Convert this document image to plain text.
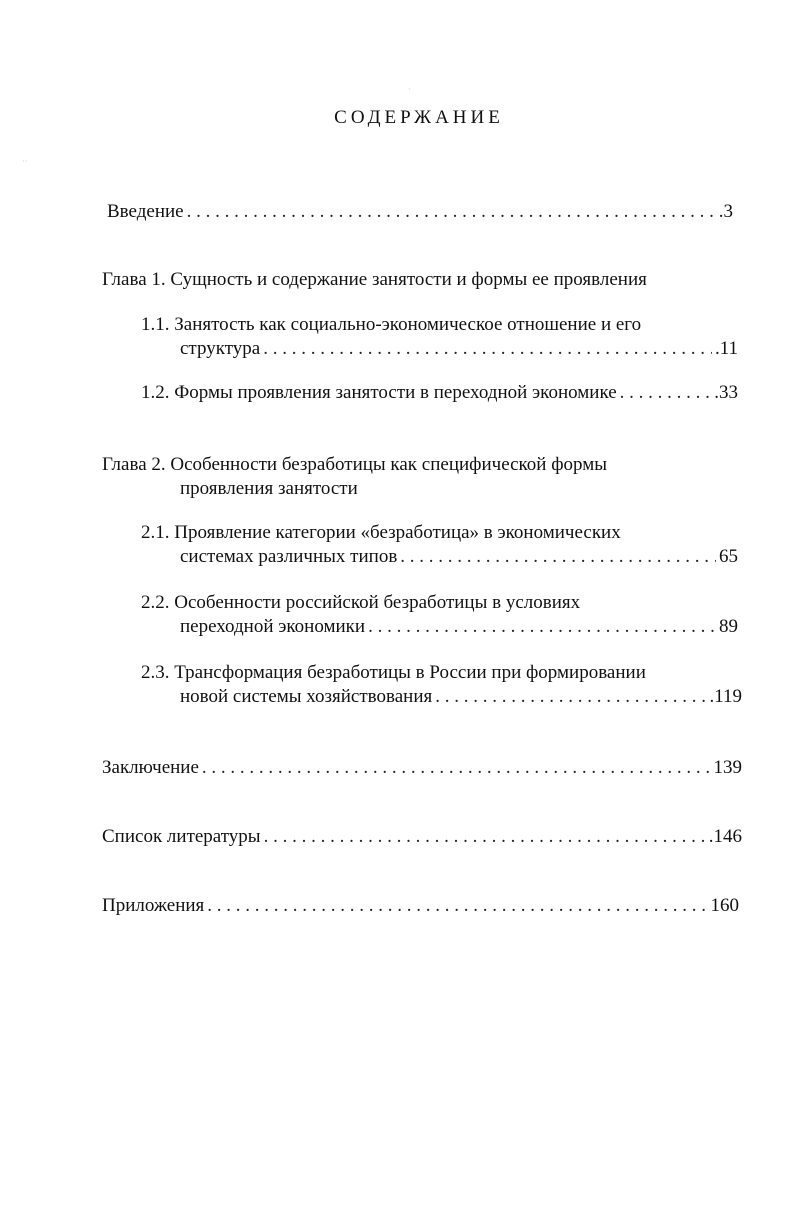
·
··
СОДЕРЖАНИЕ
Введение . . .	.3
Глава 1. Сущность и содержание занятости и формы ее проявления
1.1. Занятость как социально-экономическое отношение и его
структура . . .	.11
1.2. Формы проявления занятости в переходной экономике . . .	.33
Глава 2. Особенности безработицы как специфической формы
проявления занятости
2.1. Проявление категории «безработица» в экономических
системах различных типов . . .	65
2.2. Особенности российской безработицы в условиях
переходной экономики . . .	89
2.3. Трансформация безработицы в России при формировании
новой системы хозяйствования . . .	.119
Заключение . . .	139
Список литературы . . .	.146
Приложения . . .	160
